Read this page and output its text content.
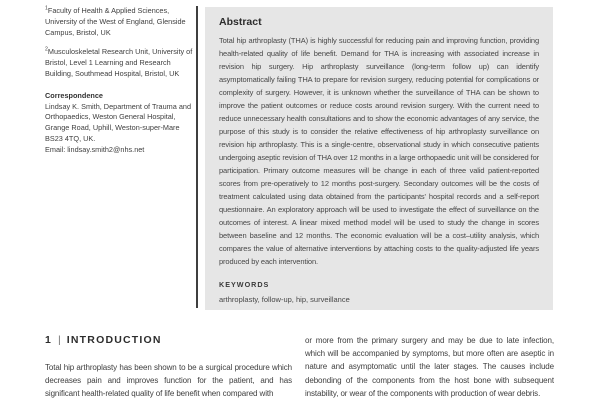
$^1$Faculty of Health & Applied Sciences, University of the West of England, Glenside Campus, Bristol, UK

$^2$Musculoskeletal Research Unit, University of Bristol, Level 1 Learning and Research Building, Southmead Hospital, Bristol, UK

Correspondence

Lindsay K. Smith, Department of Trauma and Orthopaedics, Weston General Hospital, Grange Road, Uphill, Weston-super-Mare BS23 4TQ, UK.

Email: lindsay.smith2@nhs.net

Abstract

Total hip arthroplasty (THA) is highly successful for reducing pain and improving function, providing health-related quality of life benefit. Demand for THA is increasing with associated increase in revision hip surgery. Hip arthroplasty surveillance (long-term follow up) can identify asymptomatically failing THA to prepare for revision surgery, reducing potential for complications or complexity of surgery. However, it is unknown whether the surveillance of THA can be shown to improve the patient outcomes or reduce costs around revision surgery. With the current need to reduce unnecessary health consultations and to show the economic advantages of any service, the purpose of this study is to consider the relative effectiveness of hip arthroplasty surveillance on revision hip arthroplasty. This is a single-centre, observational study in which consecutive patients undergoing aseptic revision of THA over 12 months in a large orthopaedic unit will be considered for participation. Primary outcome measures will be change in each of three valid patient-reported scores from pre-operatively to 12 months post-surgery. Secondary outcomes will be the costs of treatment calculated using data obtained from the participants' hospital records and a self-report questionnaire. An exploratory approach will be used to investigate the effect of surveillance on the outcomes of interest. A linear mixed method model will be used to study the change in scores between baseline and 12 months. The economic evaluation will be a cost–utility analysis, which compares the value of alternative interventions by attaching costs to the quality-adjusted life years produced by each intervention.

KEYWORDS

arthroplasty, follow-up, hip, surveillance

1 | INTRODUCTION
Total hip arthroplasty has been shown to be a surgical procedure which decreases pain and improves function for the patient, and has significant health-related quality of life benefit when compared with
or more from the primary surgery and may be due to late infection, which will be accompanied by symptoms, but more often are aseptic in nature and asymptomatic until the later stages. The causes include debonding of the components from the host bone with subsequent instability, or wear of the components with production of wear debris.
